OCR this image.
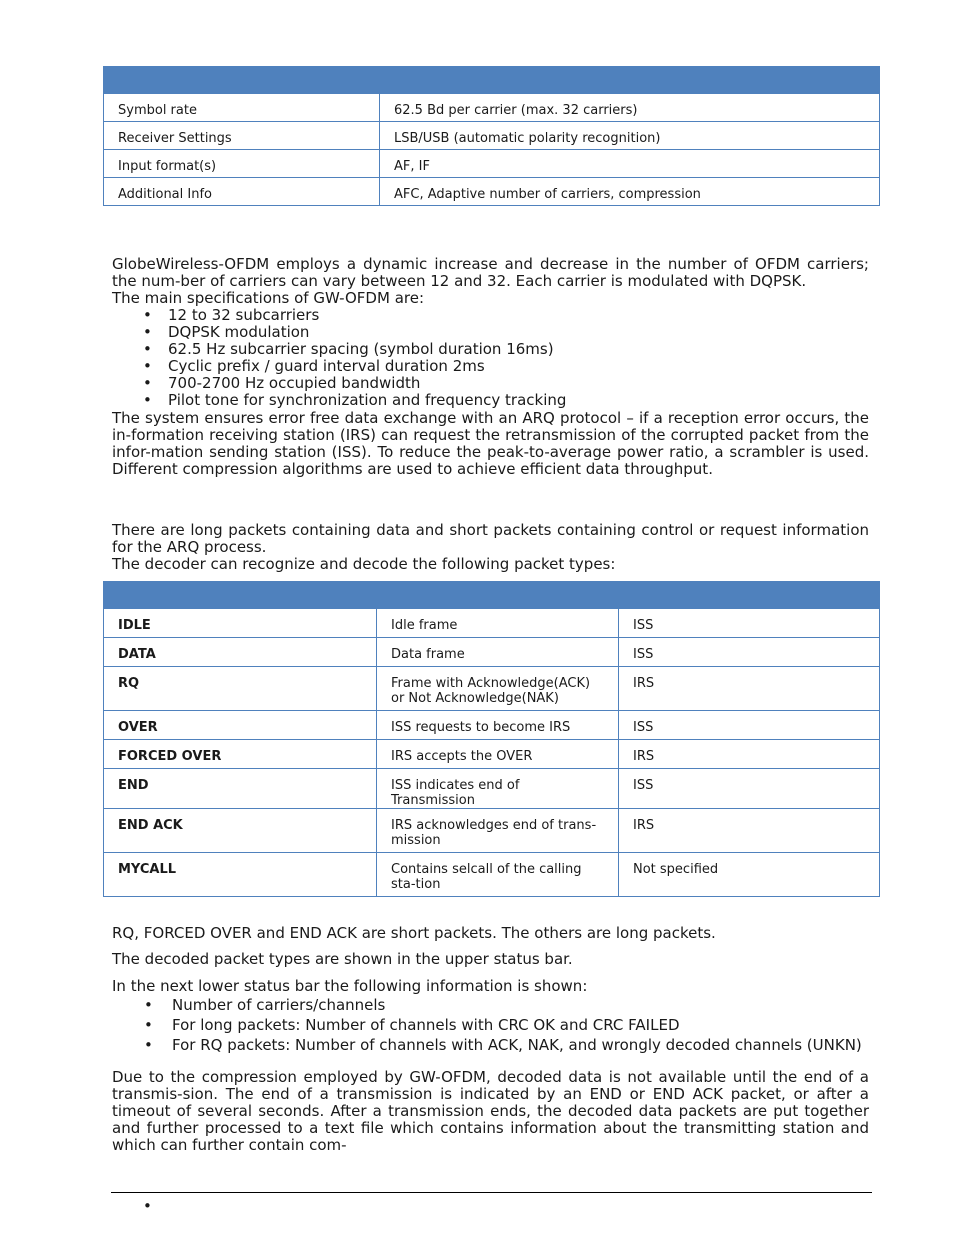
Symbol rate	62.5 Bd per carrier (max. 32 carriers)
Receiver Settings	LSB/USB (automatic polarity recognition)
Input format(s)	AF, IF
Additional Info	AFC, Adaptive number of carriers, compression

GlobeWireless-OFDM employs a dynamic increase and decrease in the number of OFDM carriers; the num-ber of carriers can vary between 12 and 32. Each carrier is modulated with DQPSK.

The main specifications of GW-OFDM are:

• 12 to 32 subcarriers
• DQPSK modulation
• 62.5 Hz subcarrier spacing (symbol duration 16ms)
• Cyclic prefix / guard interval duration 2ms
• 700-2700 Hz occupied bandwidth
• Pilot tone for synchronization and frequency tracking

The system ensures error free data exchange with an ARQ protocol – if a reception error occurs, the in-formation receiving station (IRS) can request the retransmission of the corrupted packet from the infor-mation sending station (ISS). To reduce the peak-to-average power ratio, a scrambler is used. Different compression algorithms are used to achieve efficient data throughput.

There are long packets containing data and short packets containing control or request information for the ARQ process.

The decoder can recognize and decode the following packet types:

IDLE	Idle frame	ISS
DATA	Data frame	ISS
RQ	Frame with Acknowledge(ACK) or Not Acknowledge(NAK)	IRS
OVER	ISS requests to become IRS	ISS
FORCED OVER	IRS accepts the OVER	IRS
END	ISS indicates end of Transmission	ISS
END ACK	IRS acknowledges end of trans-mission	IRS
MYCALL	Contains selcall of the calling sta-tion	Not specified

RQ, FORCED OVER and END ACK are short packets. The others are long packets.

The decoded packet types are shown in the upper status bar.

In the next lower status bar the following information is shown:

• Number of carriers/channels
• For long packets: Number of channels with CRC OK and CRC FAILED
• For RQ packets: Number of channels with ACK, NAK, and wrongly decoded channels (UNKN)

Due to the compression employed by GW-OFDM, decoded data is not available until the end of a transmis-sion. The end of a transmission is indicated by an END or END ACK packet, or after a timeout of several seconds. After a transmission ends, the decoded data packets are put together and further processed to a text file which contains information about the transmitting station and which can further contain com-

•
